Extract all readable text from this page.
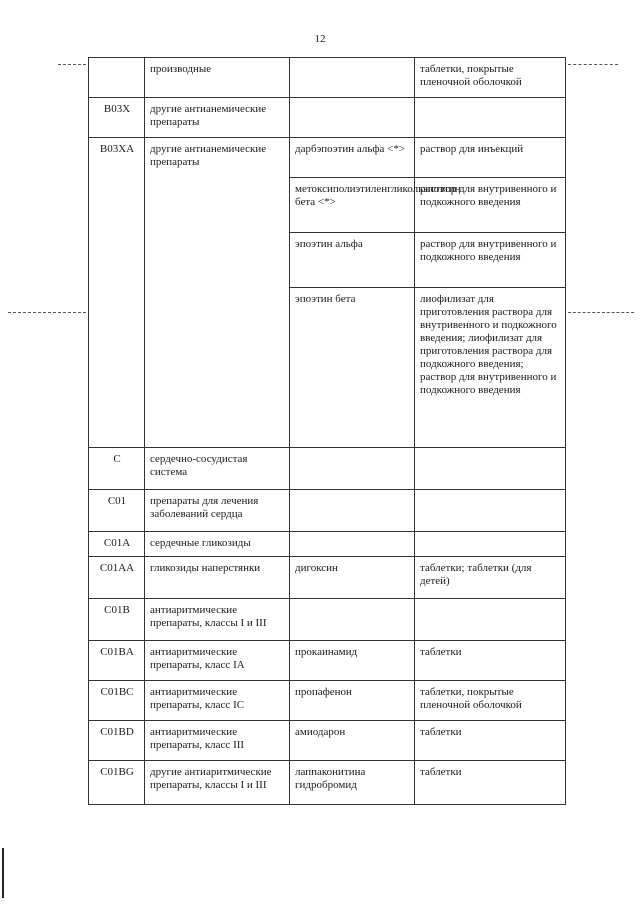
12
	производные		таблетки, покрытые пленочной оболочкой
B03X	другие антианемические препараты		
B03XA	другие антианемические препараты	дарбэпоэтин альфа <*>	раствор для инъекций
		метоксиполиэтиленгликольэпоэтин бета <*>	раствор для внутривенного и подкожного введения
		эпоэтин альфа	раствор для внутривенного и подкожного введения
		эпоэтин бета	лиофилизат для приготовления раствора для внутривенного и подкожного введения; лиофилизат для приготовления раствора для подкожного введения; раствор для внутривенного и подкожного введения
C	сердечно-сосудистая система		
C01	препараты для лечения заболеваний сердца		
C01A	сердечные гликозиды		
C01AA	гликозиды наперстянки	дигоксин	таблетки; таблетки (для детей)
C01B	антиаритмические препараты, классы I и III		
C01BA	антиаритмические препараты, класс IA	прокаинамид	таблетки
C01BC	антиаритмические препараты, класс IC	пропафенон	таблетки, покрытые пленочной оболочкой
C01BD	антиаритмические препараты, класс III	амиодарон	таблетки
C01BG	другие антиаритмические препараты, классы I и III	лаппаконитина гидробромид	таблетки
